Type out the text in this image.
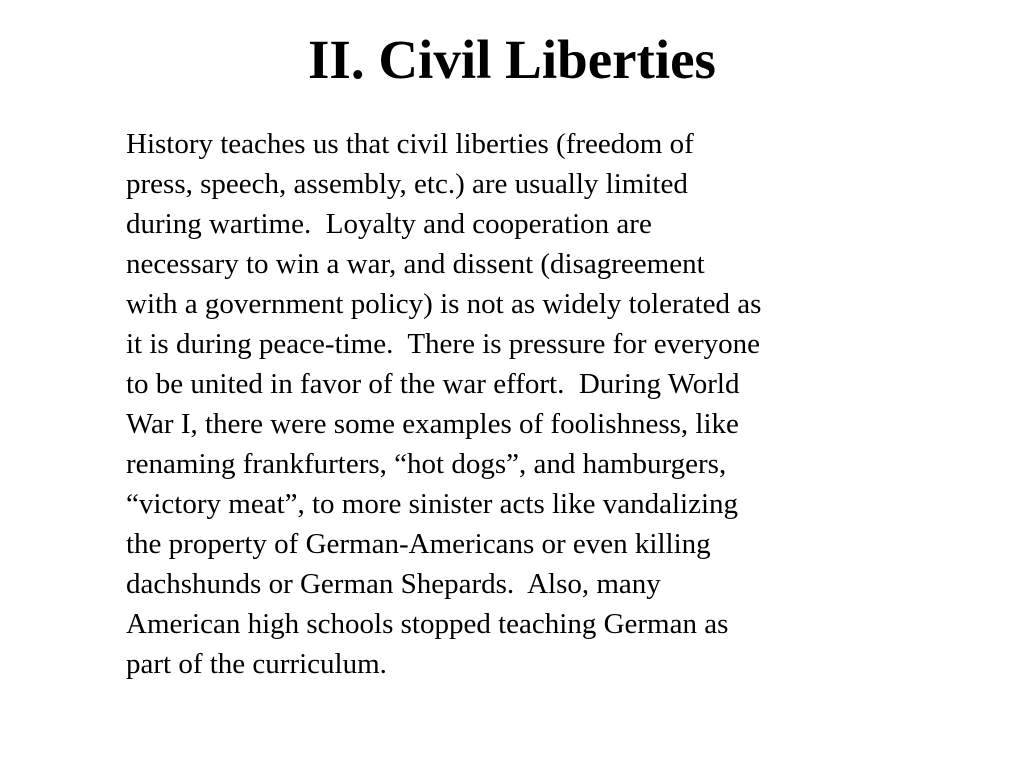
II. Civil Liberties
History teaches us that civil liberties (freedom of
press, speech, assembly, etc.) are usually limited
during wartime.  Loyalty and cooperation are
necessary to win a war, and dissent (disagreement
with a government policy) is not as widely tolerated as
it is during peace-time.  There is pressure for everyone
to be united in favor of the war effort.  During World
War I, there were some examples of foolishness, like
renaming frankfurters, “hot dogs”, and hamburgers,
“victory meat”, to more sinister acts like vandalizing
the property of German-Americans or even killing
dachshunds or German Shepards.  Also, many
American high schools stopped teaching German as
part of the curriculum.
